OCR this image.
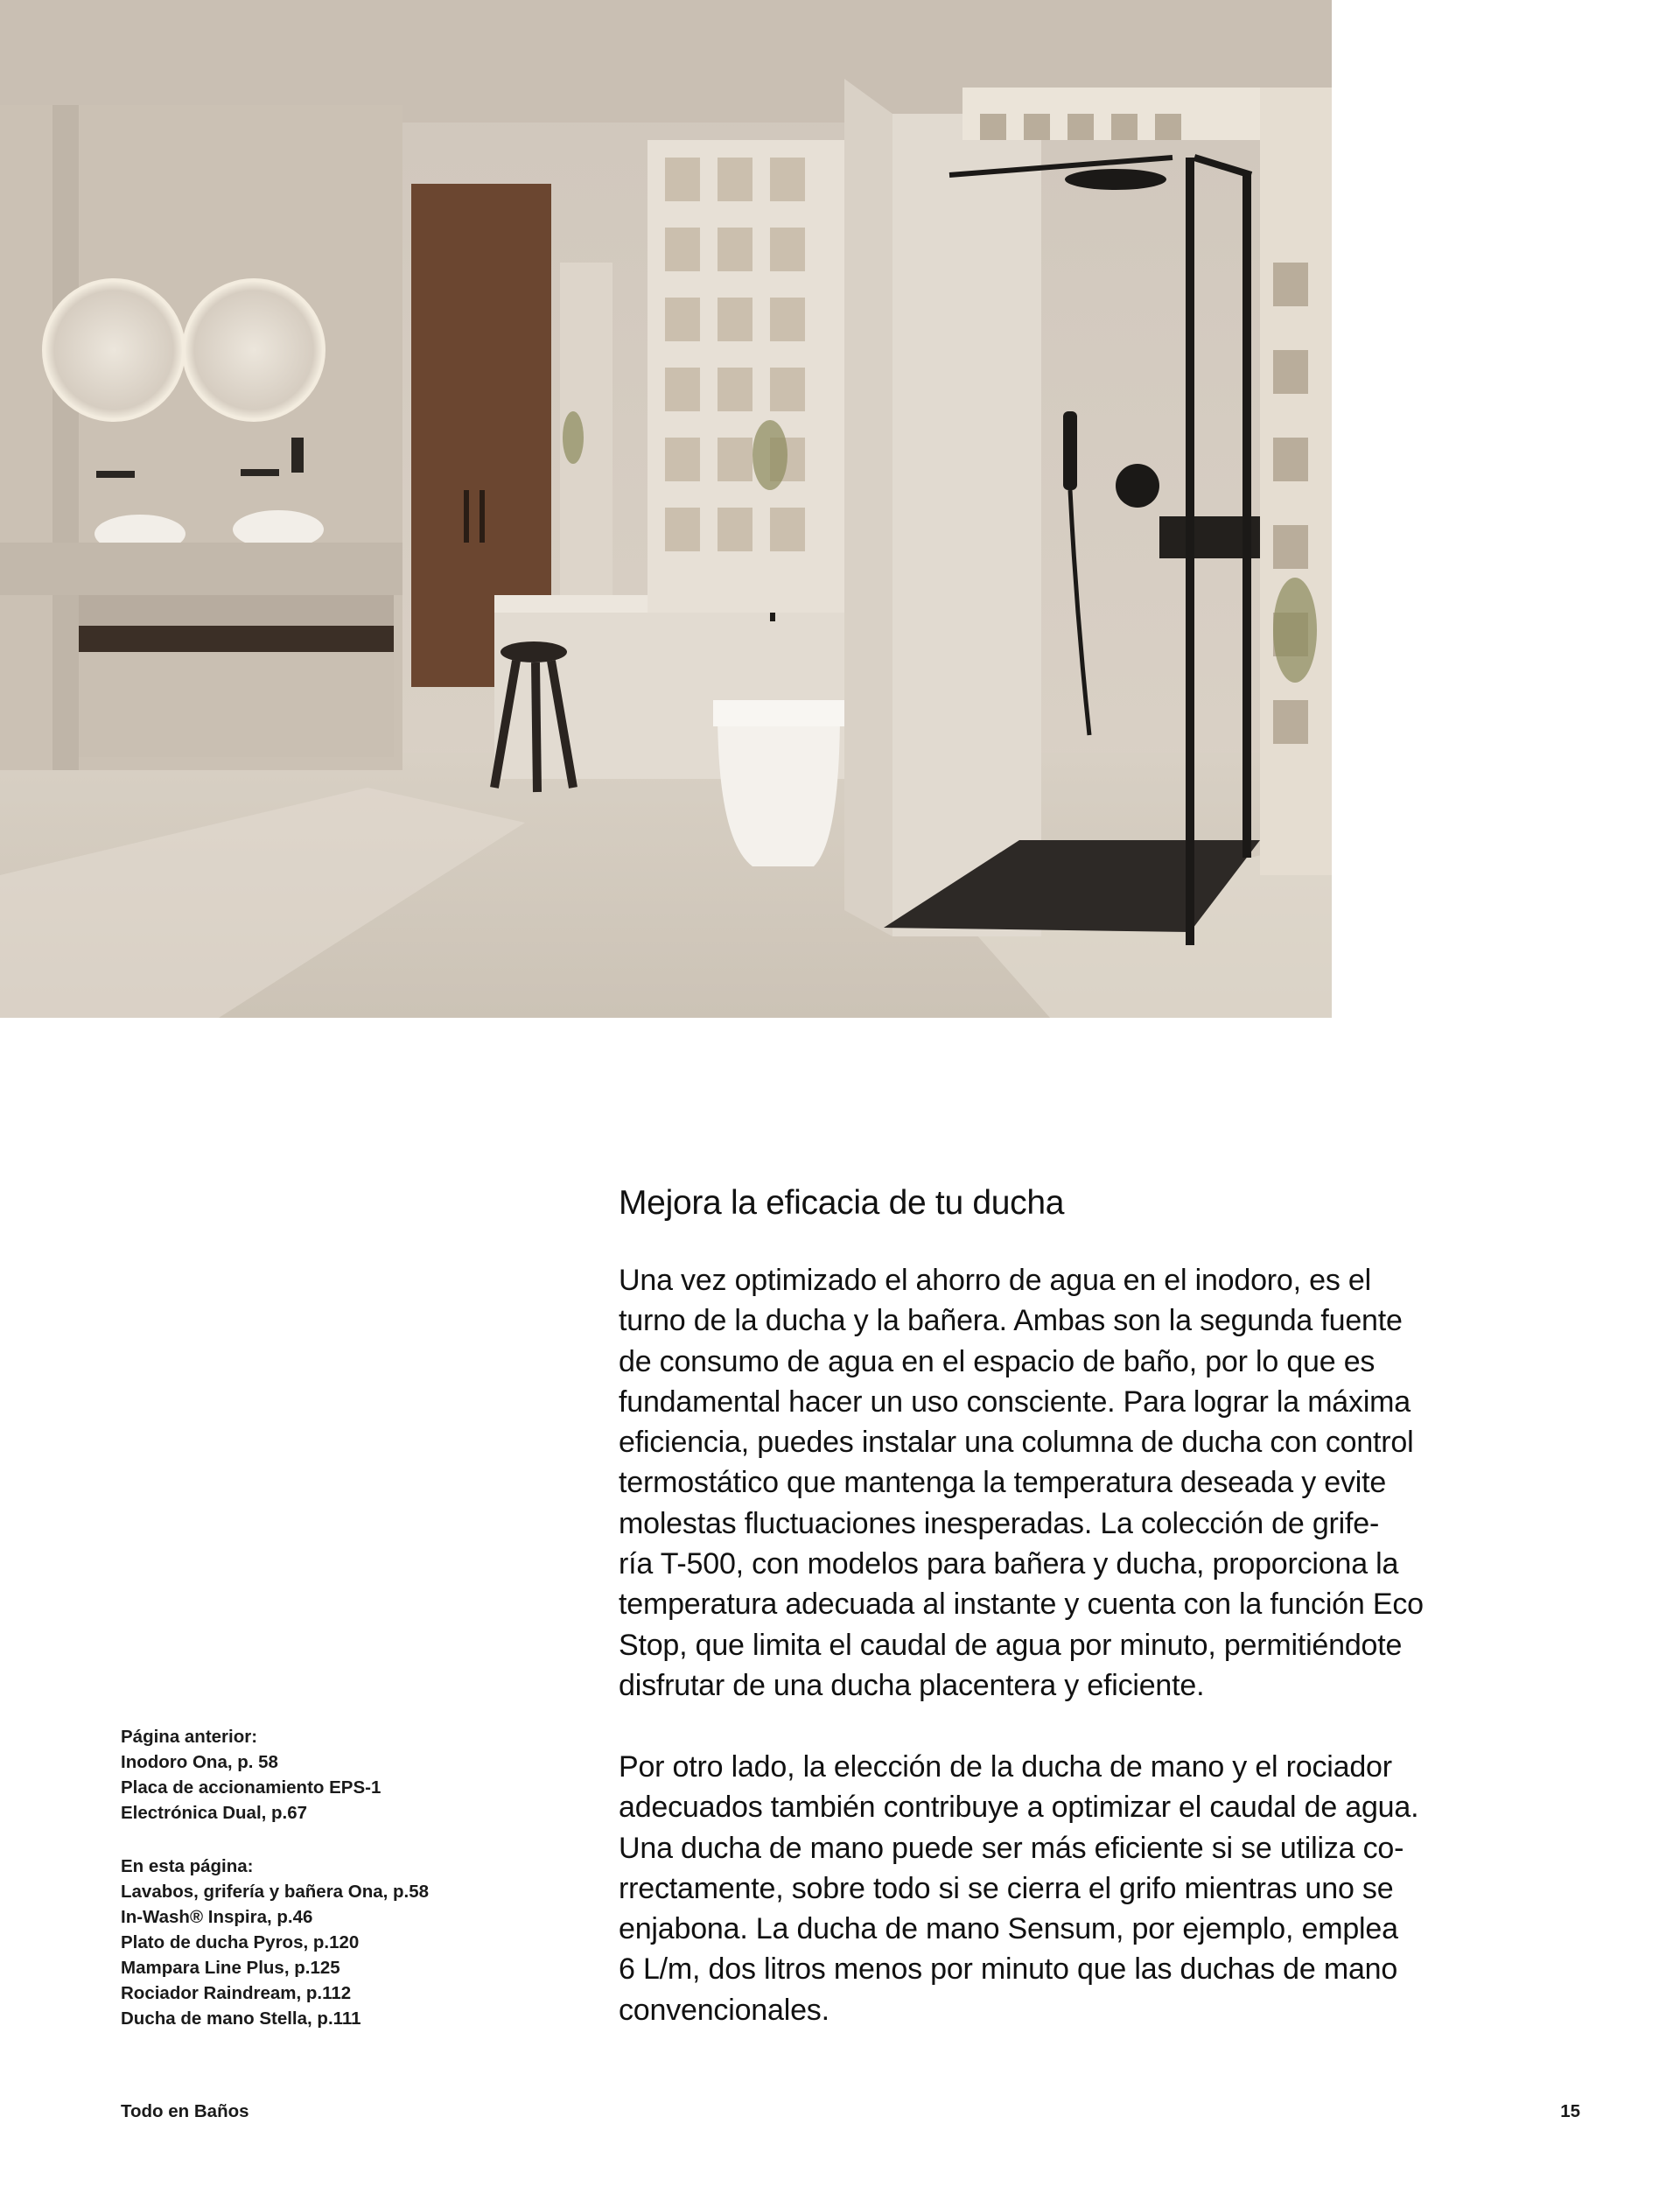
Mejora la eficacia de tu ducha

Una vez optimizado el ahorro de agua en el inodoro, es el
turno de la ducha y la bañera. Ambas son la segunda fuente
de consumo de agua en el espacio de baño, por lo que es
fundamental hacer un uso consciente. Para lograr la máxima
eficiencia, puedes instalar una columna de ducha con control
termostático que mantenga la temperatura deseada y evite
molestas fluctuaciones inesperadas. La colección de grife-
ría T-500, con modelos para bañera y ducha, proporciona la
temperatura adecuada al instante y cuenta con la función Eco
Stop, que limita el caudal de agua por minuto, permitiéndote
disfrutar de una ducha placentera y eficiente.

Por otro lado, la elección de la ducha de mano y el rociador
adecuados también contribuye a optimizar el caudal de agua.
Una ducha de mano puede ser más eficiente si se utiliza co-
rrectamente, sobre todo si se cierra el grifo mientras uno se
enjabona. La ducha de mano Sensum, por ejemplo, emplea
6 L/m, dos litros menos por minuto que las duchas de mano
convencionales.

Página anterior:
Inodoro Ona, p. 58
Placa de accionamiento EPS-1
Electrónica Dual, p.67

En esta página:
Lavabos, grifería y bañera Ona, p.58
In-Wash® Inspira, p.46
Plato de ducha Pyros, p.120
Mampara Line Plus, p.125
Rociador Raindream, p.112
Ducha de mano Stella, p.111

Todo en Baños	15
